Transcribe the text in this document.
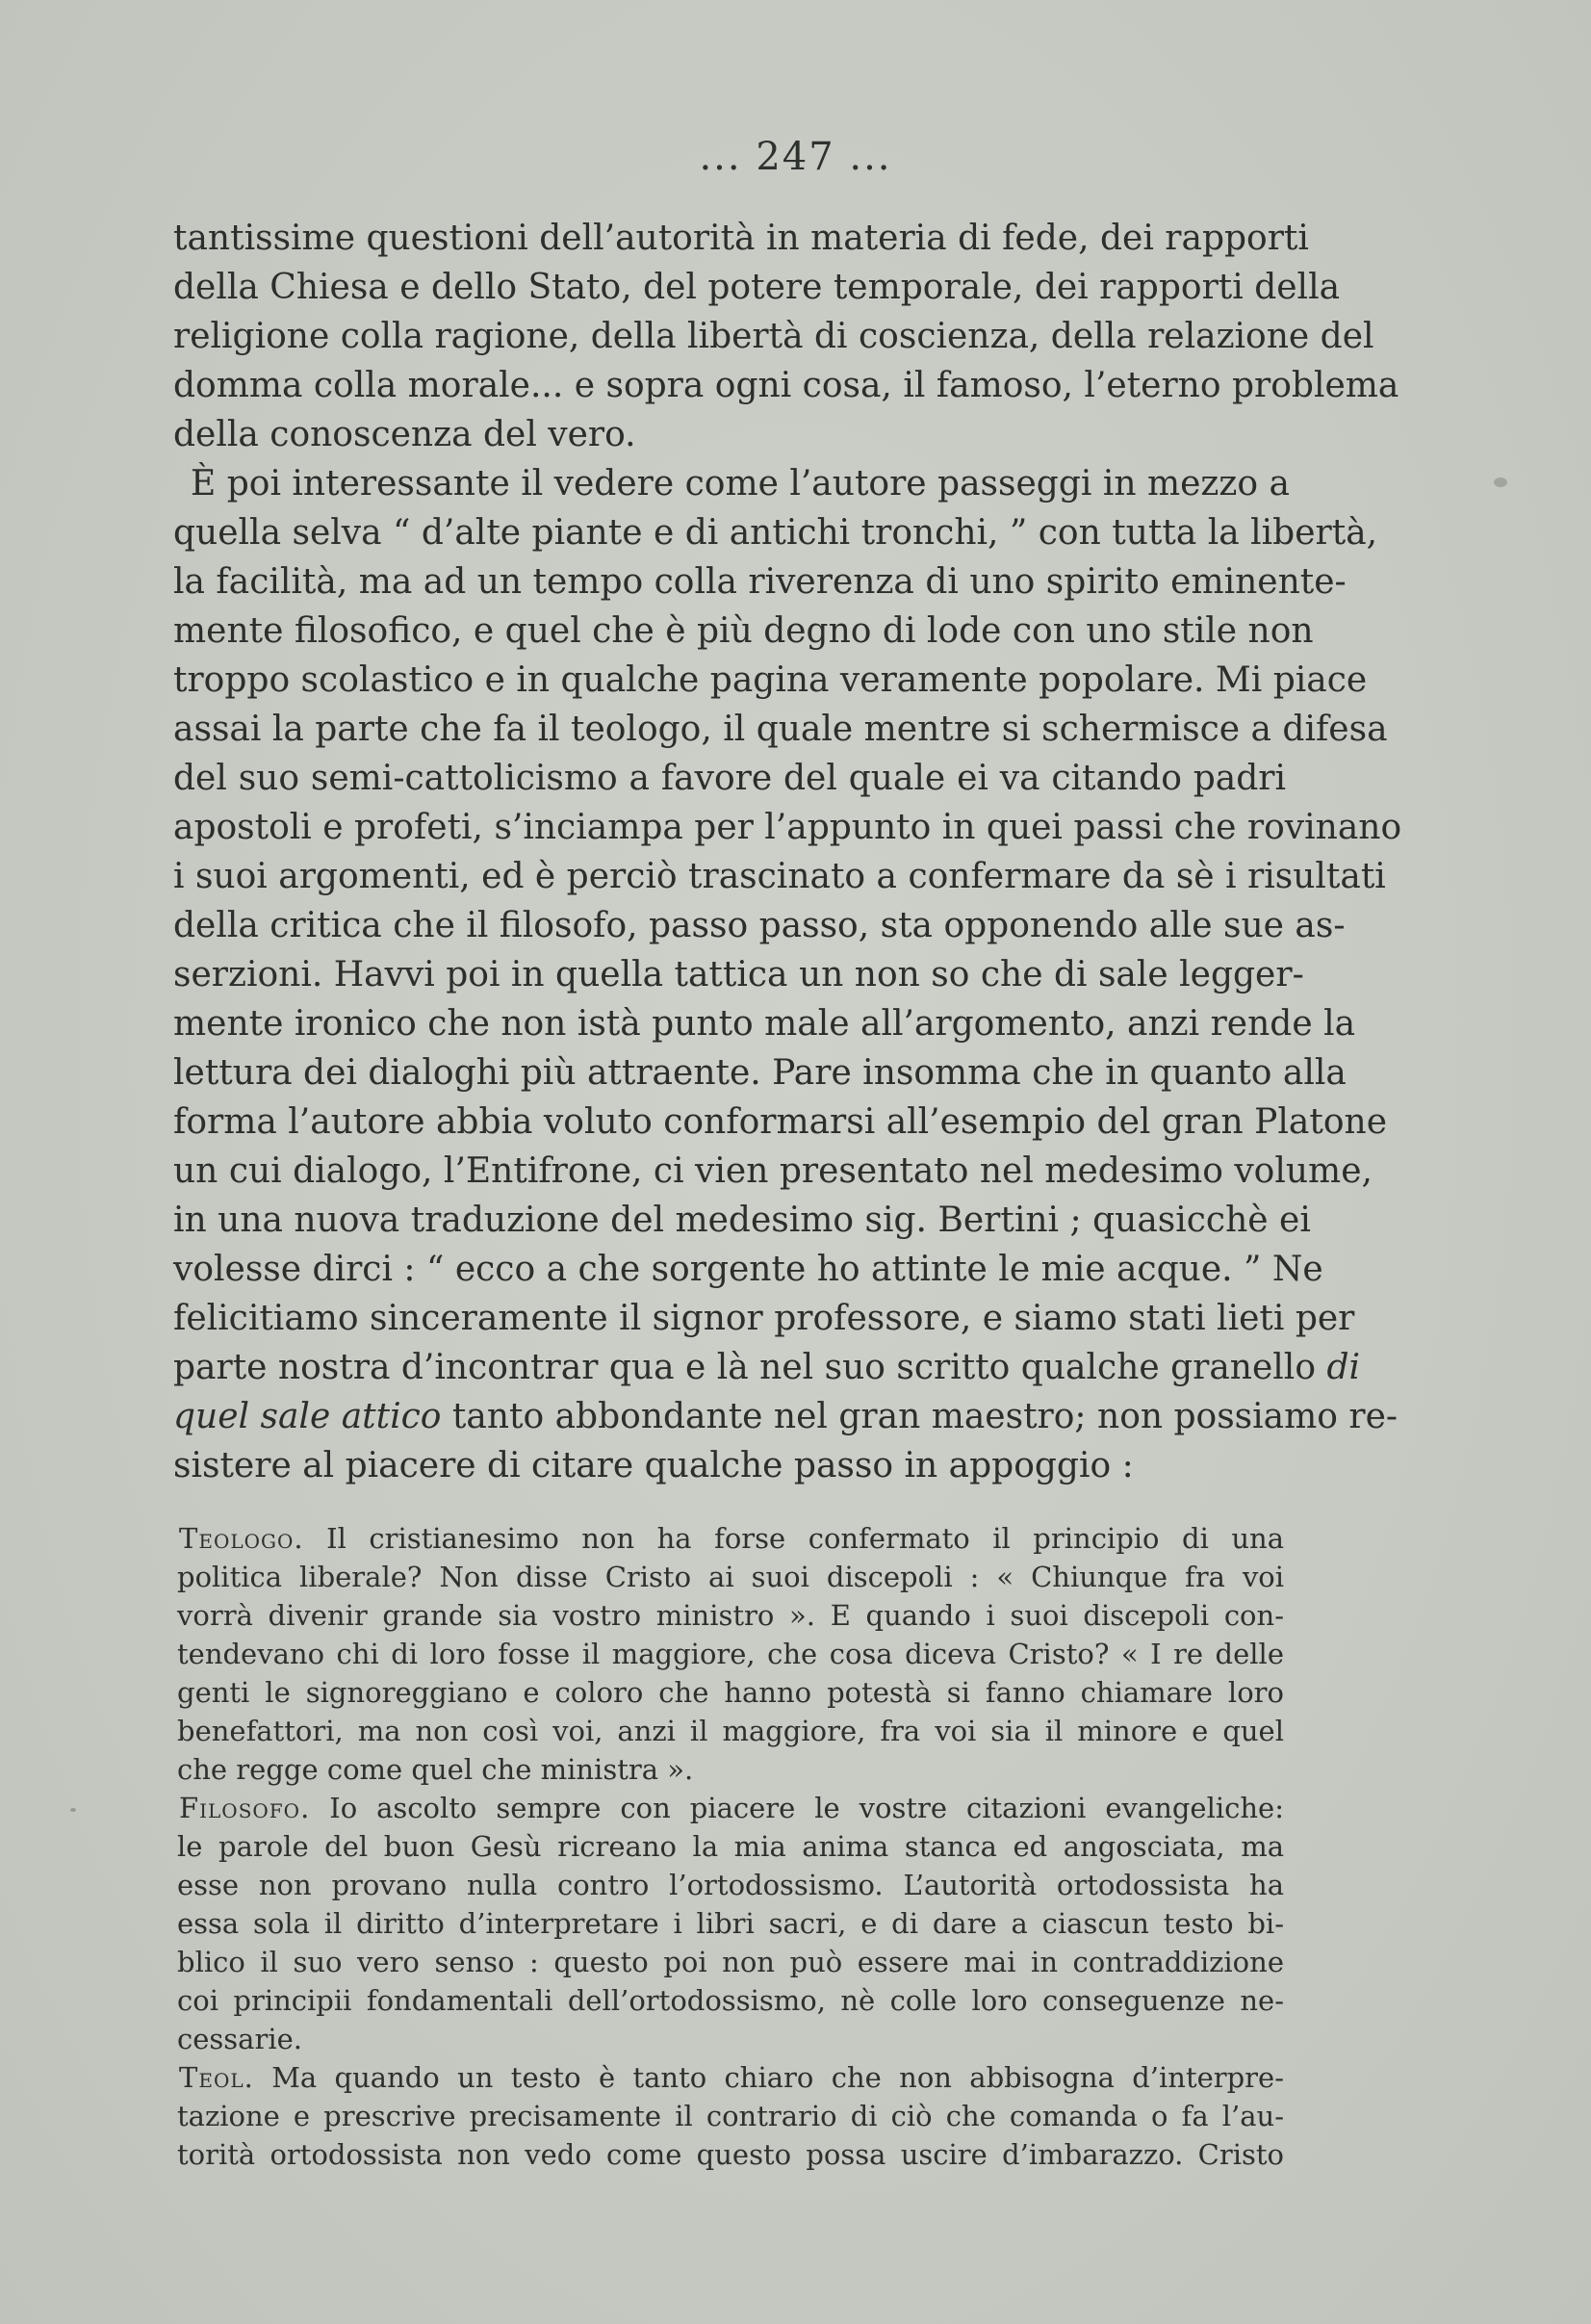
... 247 ...
tantissime questioni dell’autorità in materia di fede, dei rapporti
della Chiesa e dello Stato, del potere temporale, dei rapporti della
religione colla ragione, della libertà di coscienza, della relazione del
domma colla morale... e sopra ogni cosa, il famoso, l’eterno problema
della conoscenza del vero.
È poi interessante il vedere come l’autore passeggi in mezzo a
quella selva “ d’alte piante e di antichi tronchi, ” con tutta la libertà,
la facilità, ma ad un tempo colla riverenza di uno spirito eminente-
mente filosofico, e quel che è più degno di lode con uno stile non
troppo scolastico e in qualche pagina veramente popolare. Mi piace
assai la parte che fa il teologo, il quale mentre si schermisce a difesa
del suo semi-cattolicismo a favore del quale ei va citando padri
apostoli e profeti, s’inciampa per l’appunto in quei passi che rovinano
i suoi argomenti, ed è perciò trascinato a confermare da sè i risultati
della critica che il filosofo, passo passo, sta opponendo alle sue as-
serzioni. Havvi poi in quella tattica un non so che di sale legger-
mente ironico che non istà punto male all’argomento, anzi rende la
lettura dei dialoghi più attraente. Pare insomma che in quanto alla
forma l’autore abbia voluto conformarsi all’esempio del gran Platone
un cui dialogo, l’Entifrone, ci vien presentato nel medesimo volume,
in una nuova traduzione del medesimo sig. Bertini ; quasicchè ei
volesse dirci : “ ecco a che sorgente ho attinte le mie acque. ” Ne
felicitiamo sinceramente il signor professore, e siamo stati lieti per
parte nostra d’incontrar qua e là nel suo scritto qualche granello di
quel sale attico tanto abbondante nel gran maestro; non possiamo re-
sistere al piacere di citare qualche passo in appoggio :
Teologo. Il cristianesimo non ha forse confermato il principio di una
politica liberale? Non disse Cristo ai suoi discepoli : « Chiunque fra voi
vorrà divenir grande sia vostro ministro ». E quando i suoi discepoli con-
tendevano chi di loro fosse il maggiore, che cosa diceva Cristo? « I re delle
genti le signoreggiano e coloro che hanno potestà si fanno chiamare loro
benefattori, ma non così voi, anzi il maggiore, fra voi sia il minore e quel
che regge come quel che ministra ».
Filosofo. Io ascolto sempre con piacere le vostre citazioni evangeliche:
le parole del buon Gesù ricreano la mia anima stanca ed angosciata, ma
esse non provano nulla contro l’ortodossismo. L’autorità ortodossista ha
essa sola il diritto d’interpretare i libri sacri, e di dare a ciascun testo bi-
blico il suo vero senso : questo poi non può essere mai in contraddizione
coi principii fondamentali dell’ortodossismo, nè colle loro conseguenze ne-
cessarie.
Teol. Ma quando un testo è tanto chiaro che non abbisogna d’interpre-
tazione e prescrive precisamente il contrario di ciò che comanda o fa l’au-
torità ortodossista non vedo come questo possa uscire d’imbarazzo. Cristo
